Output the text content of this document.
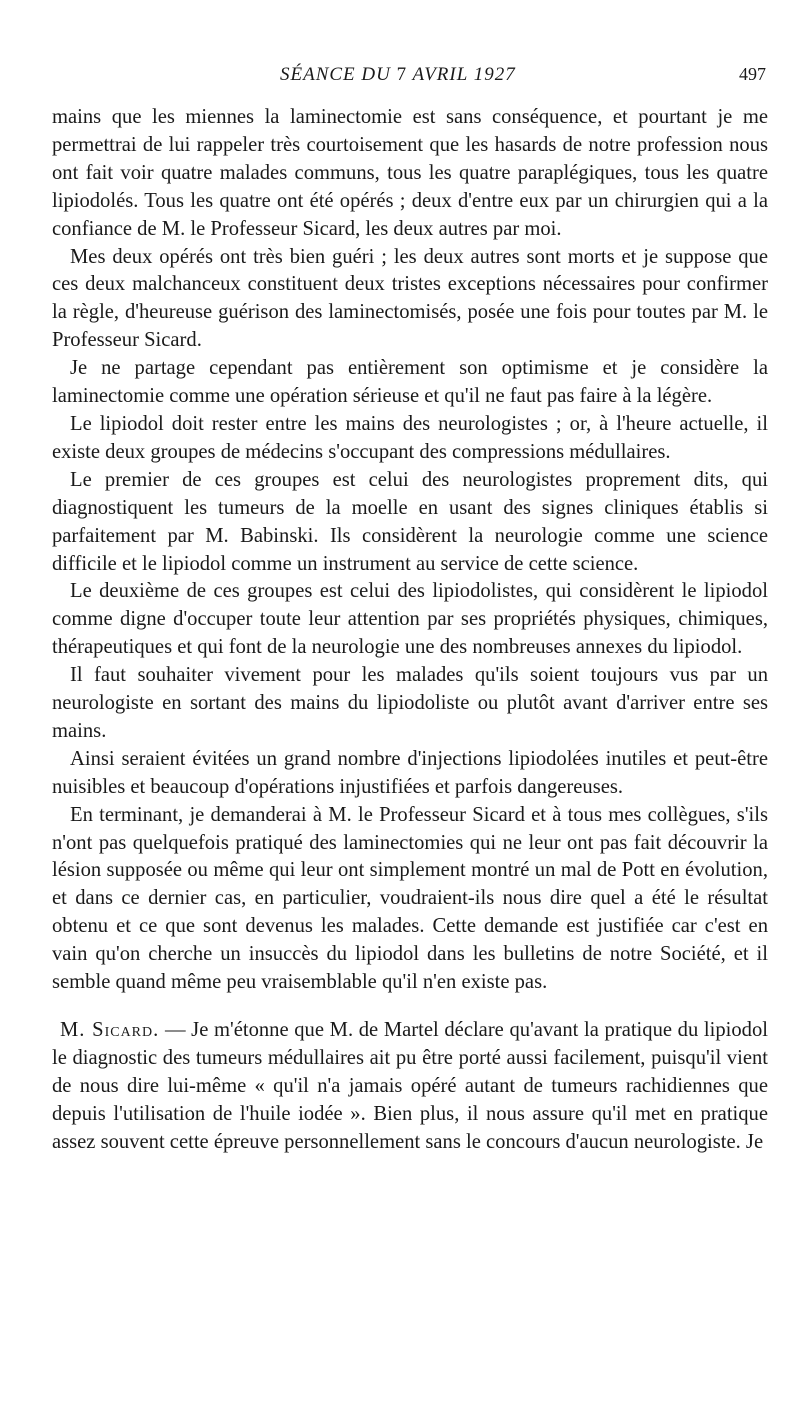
SÉANCE DU 7 AVRIL 1927	497

mains que les miennes la laminectomie est sans conséquence, et pourtant je me permettrai de lui rappeler très courtoisement que les hasards de notre profession nous ont fait voir quatre malades communs, tous les quatre paraplégiques, tous les quatre lipiodolés. Tous les quatre ont été opérés ; deux d'entre eux par un chirurgien qui a la confiance de M. le Professeur Sicard, les deux autres par moi.

Mes deux opérés ont très bien guéri ; les deux autres sont morts et je suppose que ces deux malchanceux constituent deux tristes exceptions nécessaires pour confirmer la règle, d'heureuse guérison des laminectomisés, posée une fois pour toutes par M. le Professeur Sicard.

Je ne partage cependant pas entièrement son optimisme et je considère la laminectomie comme une opération sérieuse et qu'il ne faut pas faire à la légère.

Le lipiodol doit rester entre les mains des neurologistes ; or, à l'heure actuelle, il existe deux groupes de médecins s'occupant des compressions médullaires.

Le premier de ces groupes est celui des neurologistes proprement dits, qui diagnostiquent les tumeurs de la moelle en usant des signes cliniques établis si parfaitement par M. Babinski. Ils considèrent la neurologie comme une science difficile et le lipiodol comme un instrument au service de cette science.

Le deuxième de ces groupes est celui des lipiodolistes, qui considèrent le lipiodol comme digne d'occuper toute leur attention par ses propriétés physiques, chimiques, thérapeutiques et qui font de la neurologie une des nombreuses annexes du lipiodol.

Il faut souhaiter vivement pour les malades qu'ils soient toujours vus par un neurologiste en sortant des mains du lipiodoliste ou plutôt avant d'arriver entre ses mains.

Ainsi seraient évitées un grand nombre d'injections lipiodolées inutiles et peut-être nuisibles et beaucoup d'opérations injustifiées et parfois dangereuses.

En terminant, je demanderai à M. le Professeur Sicard et à tous mes collègues, s'ils n'ont pas quelquefois pratiqué des laminectomies qui ne leur ont pas fait découvrir la lésion supposée ou même qui leur ont simplement montré un mal de Pott en évolution, et dans ce dernier cas, en particulier, voudraient-ils nous dire quel a été le résultat obtenu et ce que sont devenus les malades. Cette demande est justifiée car c'est en vain qu'on cherche un insuccès du lipiodol dans les bulletins de notre Société, et il semble quand même peu vraisemblable qu'il n'en existe pas.

M. Sicard. — Je m'étonne que M. de Martel déclare qu'avant la pratique du lipiodol le diagnostic des tumeurs médullaires ait pu être porté aussi facilement, puisqu'il vient de nous dire lui-même « qu'il n'a jamais opéré autant de tumeurs rachidiennes que depuis l'utilisation de l'huile iodée ». Bien plus, il nous assure qu'il met en pratique assez souvent cette épreuve personnellement sans le concours d'aucun neurologiste. Je
